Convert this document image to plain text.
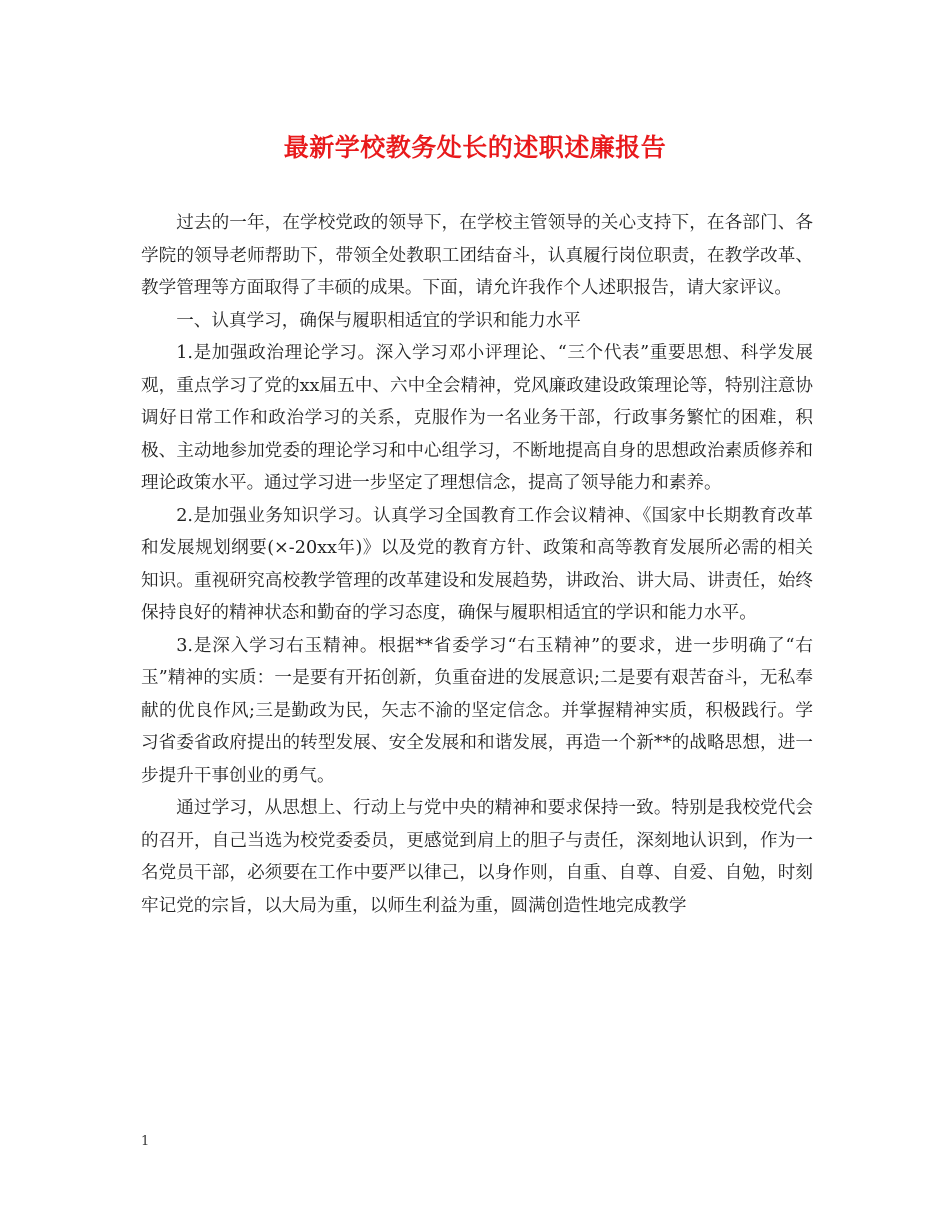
最新学校教务处长的述职述廉报告

过去的一年，在学校党政的领导下，在学校主管领导的关心支持下，在各部门、各学院的领导老师帮助下，带领全处教职工团结奋斗，认真履行岗位职责，在教学改革、教学管理等方面取得了丰硕的成果。下面，请允许我作个人述职报告，请大家评议。

一、认真学习，确保与履职相适宜的学识和能力水平

1.是加强政治理论学习。深入学习邓小评理论、“三个代表”重要思想、科学发展观，重点学习了党的xx届五中、六中全会精神，党风廉政建设政策理论等，特别注意协调好日常工作和政治学习的关系，克服作为一名业务干部，行政事务繁忙的困难，积极、主动地参加党委的理论学习和中心组学习，不断地提高自身的思想政治素质修养和理论政策水平。通过学习进一步坚定了理想信念，提高了领导能力和素养。

2.是加强业务知识学习。认真学习全国教育工作会议精神、《国家中长期教育改革和发展规划纲要(×-20xx年)》以及党的教育方针、政策和高等教育发展所必需的相关知识。重视研究高校教学管理的改革建设和发展趋势，讲政治、讲大局、讲责任，始终保持良好的精神状态和勤奋的学习态度，确保与履职相适宜的学识和能力水平。

3.是深入学习右玉精神。根据**省委学习“右玉精神”的要求，进一步明确了“右玉”精神的实质：一是要有开拓创新，负重奋进的发展意识;二是要有艰苦奋斗，无私奉献的优良作风;三是勤政为民，矢志不渝的坚定信念。并掌握精神实质，积极践行。学习省委省政府提出的转型发展、安全发展和和谐发展，再造一个新**的战略思想，进一步提升干事创业的勇气。

通过学习，从思想上、行动上与党中央的精神和要求保持一致。特别是我校党代会的召开，自己当选为校党委委员，更感觉到肩上的胆子与责任，深刻地认识到，作为一名党员干部，必须要在工作中要严以律己，以身作则，自重、自尊、自爱、自勉，时刻牢记党的宗旨，以大局为重，以师生利益为重，圆满创造性地完成教学

1
